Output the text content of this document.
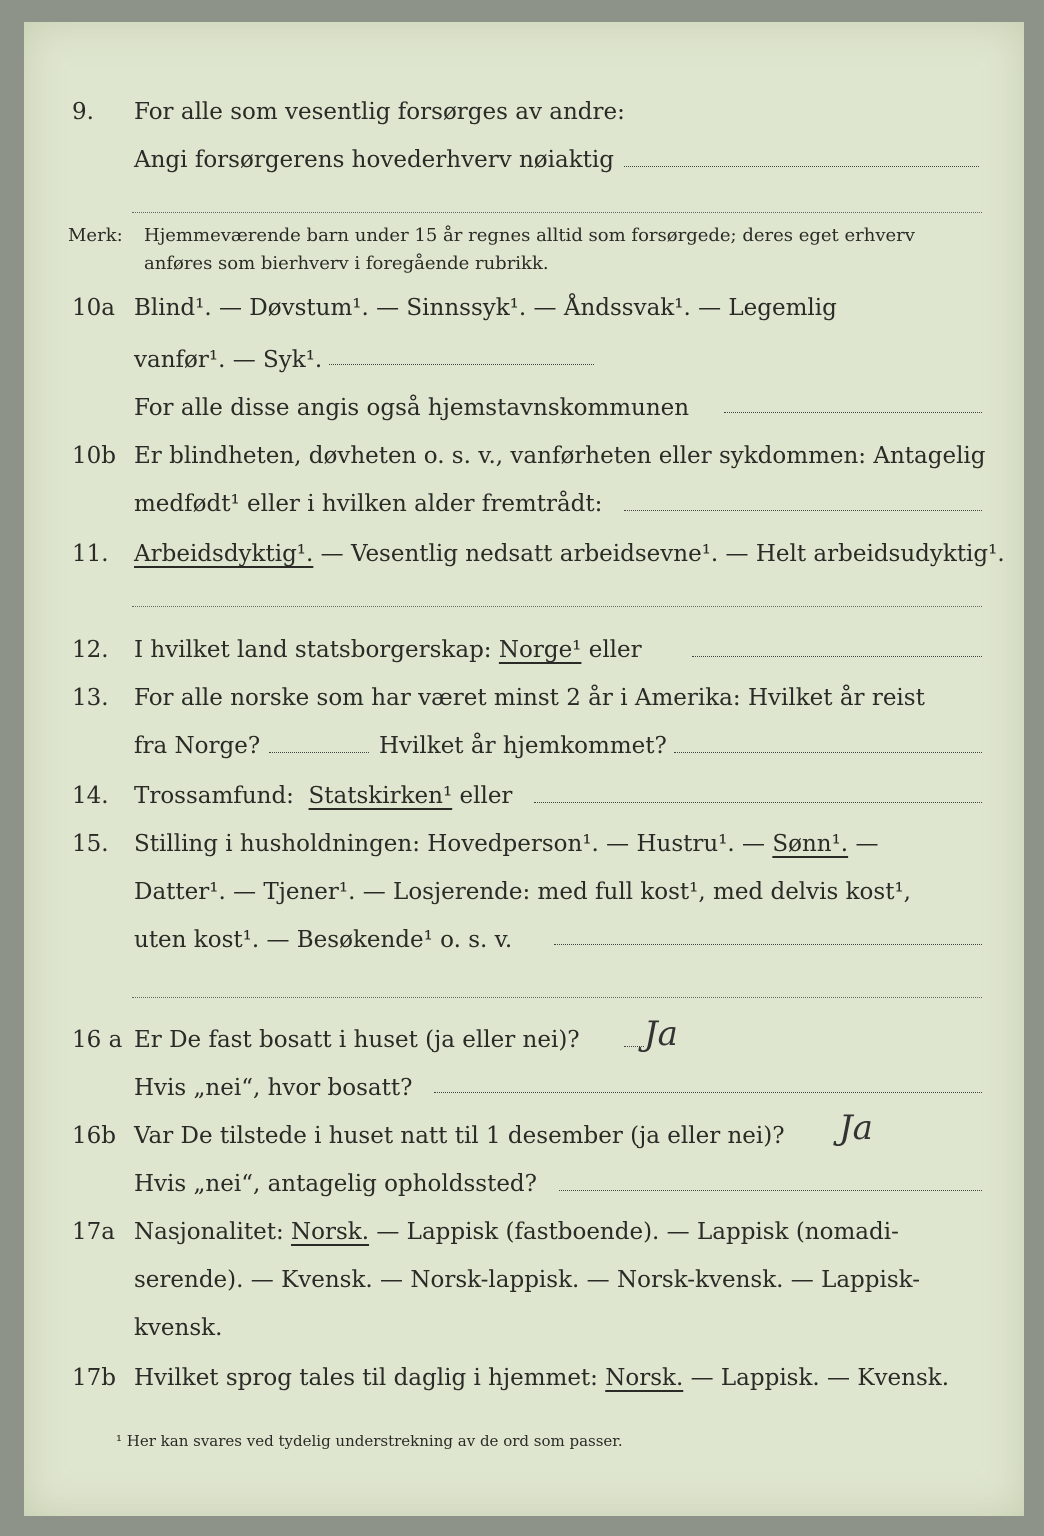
9. For alle som vesentlig forsørges av andre:
Angi forsørgerens hovederhverv nøiaktig
Merk: Hjemmeværende barn under 15 år regnes alltid som forsørgede; deres eget erhverv
anføres som bierhverv i foregående rubrikk.
10a Blind¹. — Døvstum¹. — Sinnssyk¹. — Åndssvak¹. — Legemlig
vanfør¹. — Syk¹.
For alle disse angis også hjemstavnskommunen
10b Er blindheten, døvheten o. s. v., vanførheten eller sykdommen: Antagelig
medfødt¹ eller i hvilken alder fremtrådt:
11. Arbeidsdyktig¹.
— Vesentlig nedsatt arbeidsevne¹. — Helt arbeidsudyktig¹.
12. I hvilket land statsborgerskap:
Norge¹
eller
13. For alle norske som har været minst 2 år i Amerika: Hvilket år reist
fra Norge?	Hvilket år hjemkommet?
14. Trossamfund:
Statskirken¹
eller
15. Stilling i husholdningen: Hovedperson¹. — Hustru¹. —
Sønn¹.
—
Datter¹. — Tjener¹. — Losjerende: med full kost¹, med delvis kost¹,
uten kost¹. — Besøkende¹ o. s. v.
16 a Er De fast bosatt i huset (ja eller nei)? Ja
Hvis „nei“, hvor bosatt?
16b Var De tilstede i huset natt til 1 desember (ja eller nei)? Ja
Hvis „nei“, antagelig opholdssted?
17a Nasjonalitet:
Norsk.
— Lappisk (fastboende). — Lappisk (nomadi-
serende). — Kvensk. — Norsk-lappisk. — Norsk-kvensk. — Lappisk-
kvensk.
17b Hvilket sprog tales til daglig i hjemmet:
Norsk.
— Lappisk. — Kvensk.
¹ Her kan svares ved tydelig understrekning av de ord som passer.
